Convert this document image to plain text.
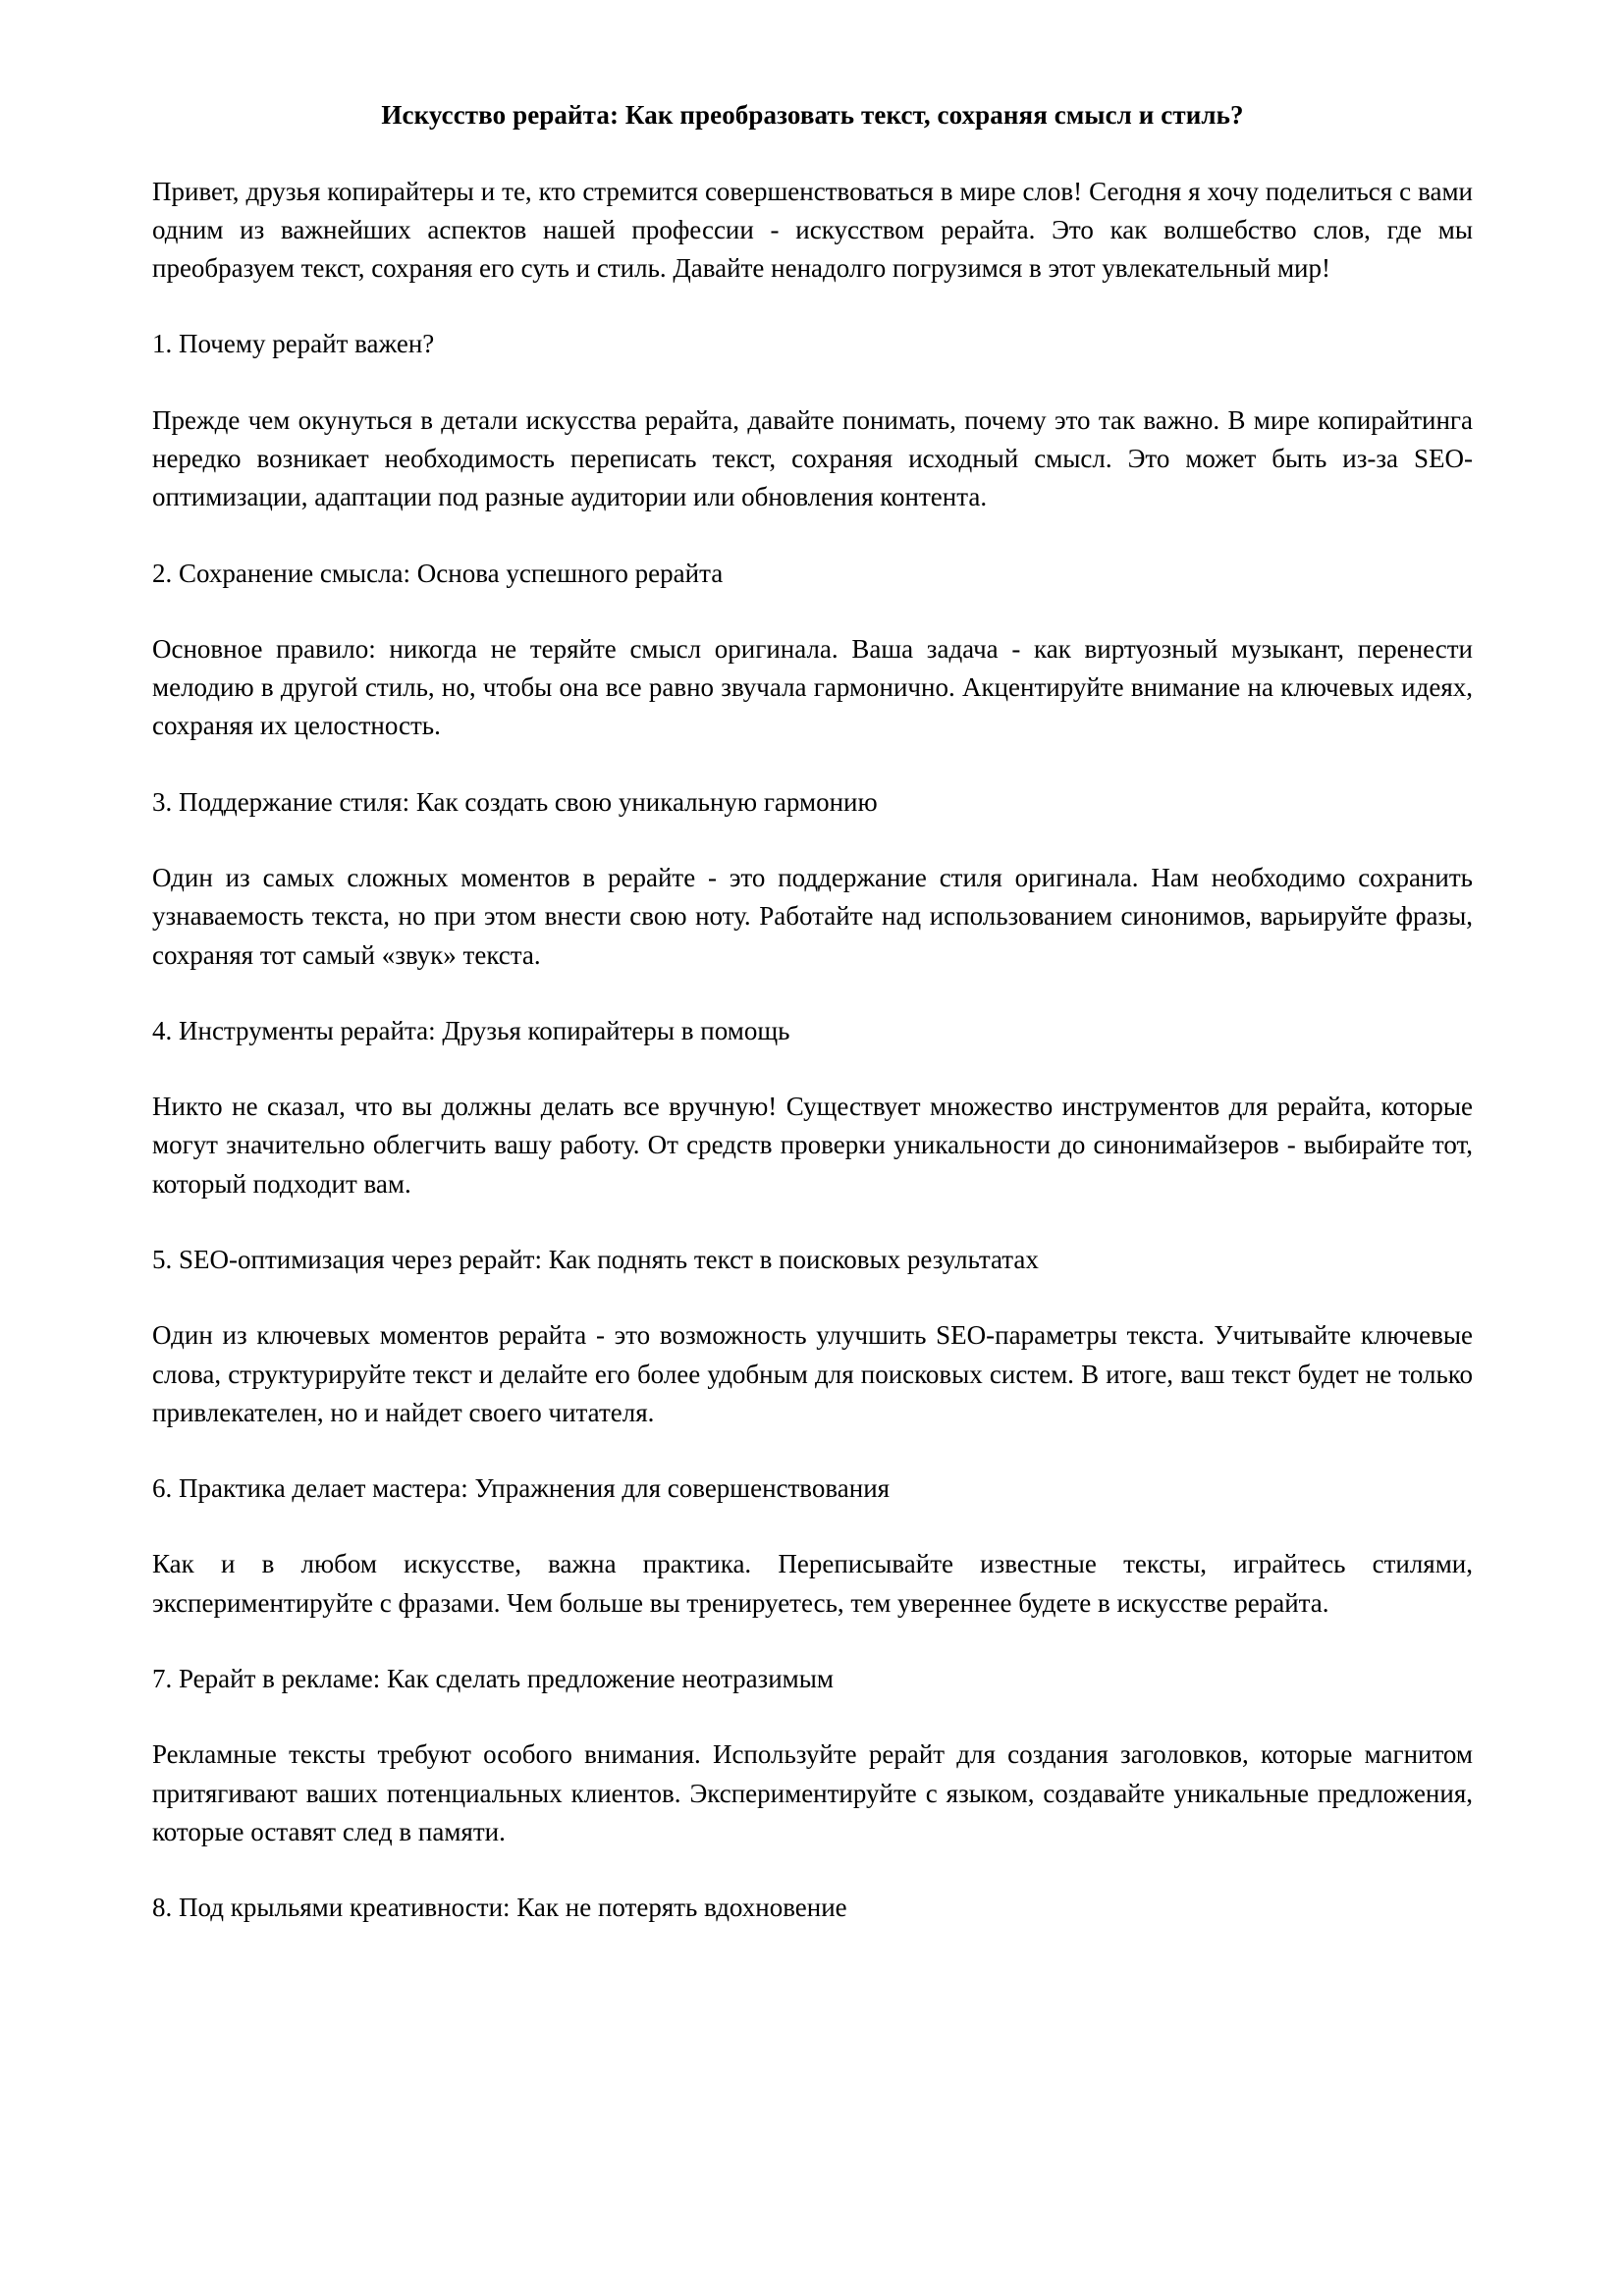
Искусство рерайта: Как преобразовать текст, сохраняя смысл и стиль?

Привет, друзья копирайтеры и те, кто стремится совершенствоваться в мире слов! Сегодня я хочу поделиться с вами одним из важнейших аспектов нашей профессии - искусством рерайта. Это как волшебство слов, где мы преобразуем текст, сохраняя его суть и стиль. Давайте ненадолго погрузимся в этот увлекательный мир!

1. Почему рерайт важен?

Прежде чем окунуться в детали искусства рерайта, давайте понимать, почему это так важно. В мире копирайтинга нередко возникает необходимость переписать текст, сохраняя исходный смысл. Это может быть из-за SEO-оптимизации, адаптации под разные аудитории или обновления контента.

2. Сохранение смысла: Основа успешного рерайта

Основное правило: никогда не теряйте смысл оригинала. Ваша задача - как виртуозный музыкант, перенести мелодию в другой стиль, но, чтобы она все равно звучала гармонично. Акцентируйте внимание на ключевых идеях, сохраняя их целостность.

3. Поддержание стиля: Как создать свою уникальную гармонию

Один из самых сложных моментов в рерайте - это поддержание стиля оригинала. Нам необходимо сохранить узнаваемость текста, но при этом внести свою ноту. Работайте над использованием синонимов, варьируйте фразы, сохраняя тот самый «звук» текста.

4. Инструменты рерайта: Друзья копирайтеры в помощь

Никто не сказал, что вы должны делать все вручную! Существует множество инструментов для рерайта, которые могут значительно облегчить вашу работу. От средств проверки уникальности до синонимайзеров - выбирайте тот, который подходит вам.

5. SEO-оптимизация через рерайт: Как поднять текст в поисковых результатах

Один из ключевых моментов рерайта - это возможность улучшить SEO-параметры текста. Учитывайте ключевые слова, структурируйте текст и делайте его более удобным для поисковых систем. В итоге, ваш текст будет не только привлекателен, но и найдет своего читателя.

6. Практика делает мастера: Упражнения для совершенствования

Как и в любом искусстве, важна практика. Переписывайте известные тексты, играйтесь стилями, экспериментируйте с фразами. Чем больше вы тренируетесь, тем увереннее будете в искусстве рерайта.

7. Рерайт в рекламе: Как сделать предложение неотразимым

Рекламные тексты требуют особого внимания. Используйте рерайт для создания заголовков, которые магнитом притягивают ваших потенциальных клиентов. Экспериментируйте с языком, создавайте уникальные предложения, которые оставят след в памяти.

8. Под крыльями креативности: Как не потерять вдохновение
